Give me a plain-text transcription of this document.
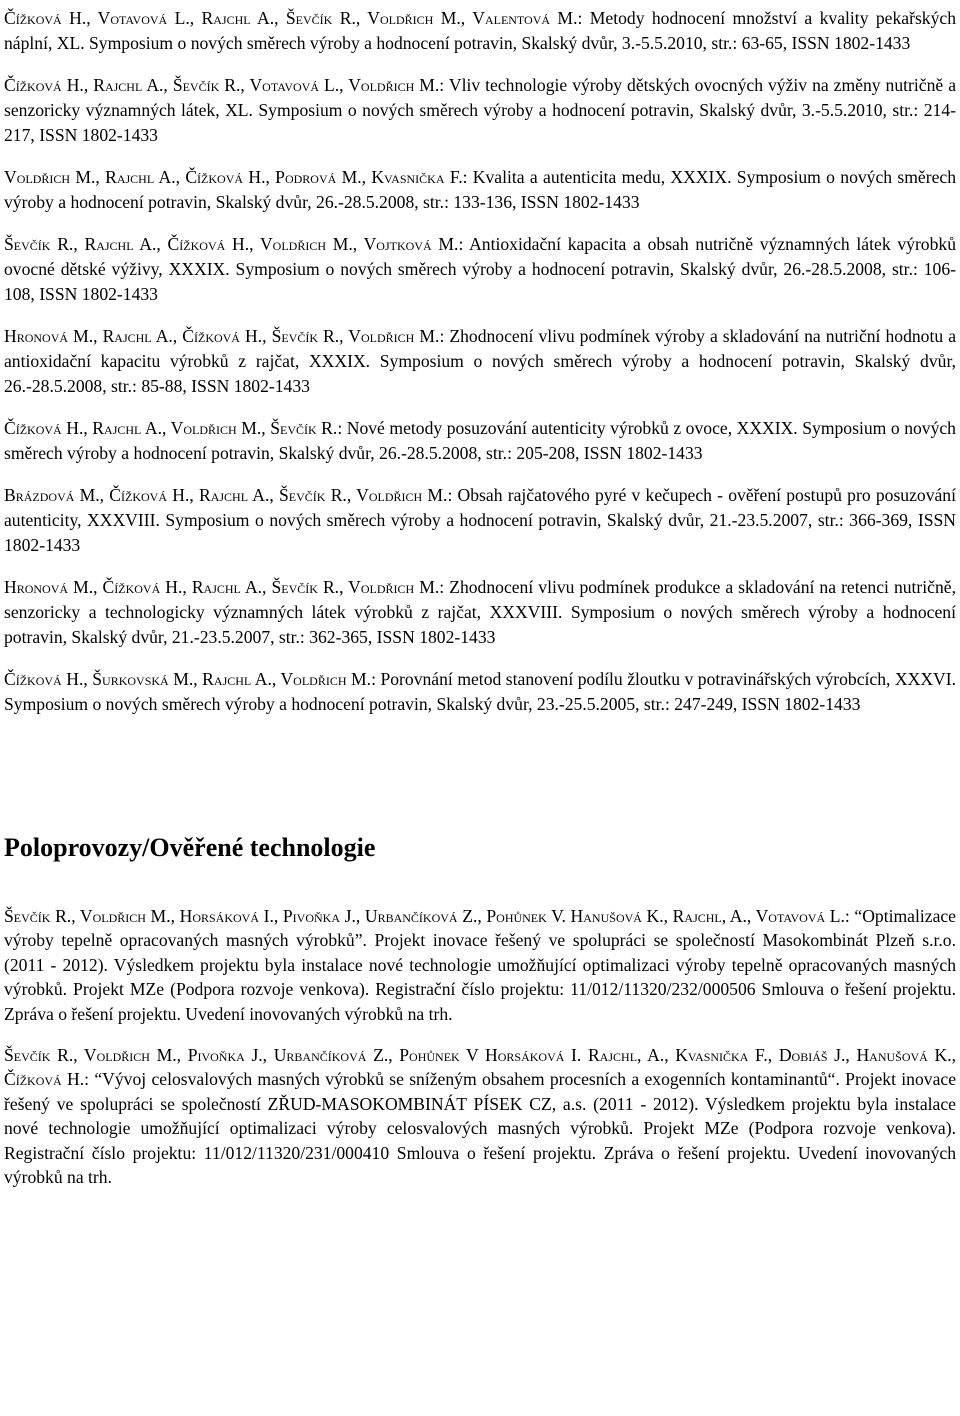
Čížková H., Votavová L., Rajchl A., Ševčík R., Voldřich M., Valentová M.: Metody hodnocení množství a kvality pekařských náplní, XL. Symposium o nových směrech výroby a hodnocení potravin, Skalský dvůr, 3.-5.5.2010, str.: 63-65, ISSN 1802-1433
Čížková H., Rajchl A., Ševčík R., Votavová L., Voldřich M.: Vliv technologie výroby dětských ovocných výživ na změny nutričně a senzoricky významných látek, XL. Symposium o nových směrech výroby a hodnocení potravin, Skalský dvůr, 3.-5.5.2010, str.: 214-217, ISSN 1802-1433
Voldřich M., Rajchl A., Čížková H., Podrová M., Kvasnička F.: Kvalita a autenticita medu, XXXIX. Symposium o nových směrech výroby a hodnocení potravin, Skalský dvůr, 26.-28.5.2008, str.: 133-136, ISSN 1802-1433
Ševčík R., Rajchl A., Čížková H., Voldřich M., Vojtková M.: Antioxidační kapacita a obsah nutričně významných látek výrobků ovocné dětské výživy, XXXIX. Symposium o nových směrech výroby a hodnocení potravin, Skalský dvůr, 26.-28.5.2008, str.: 106-108, ISSN 1802-1433
Hronová M., Rajchl A., Čížková H., Ševčík R., Voldřich M.: Zhodnocení vlivu podmínek výroby a skladování na nutriční hodnotu a antioxidační kapacitu výrobků z rajčat, XXXIX. Symposium o nových směrech výroby a hodnocení potravin, Skalský dvůr, 26.-28.5.2008, str.: 85-88, ISSN 1802-1433
Čížková H., Rajchl A., Voldřich M., Ševčík R.: Nové metody posuzování autenticity výrobků z ovoce, XXXIX. Symposium o nových směrech výroby a hodnocení potravin, Skalský dvůr, 26.-28.5.2008, str.: 205-208, ISSN 1802-1433
Brázdová M., Čížková H., Rajchl A., Ševčík R., Voldřich M.: Obsah rajčatového pyré v kečupech - ověření postupů pro posuzování autenticity, XXXVIII. Symposium o nových směrech výroby a hodnocení potravin, Skalský dvůr, 21.-23.5.2007, str.: 366-369, ISSN 1802-1433
Hronová M., Čížková H., Rajchl A., Ševčík R., Voldřich M.: Zhodnocení vlivu podmínek produkce a skladování na retenci nutričně, senzoricky a technologicky významných látek výrobků z rajčat, XXXVIII. Symposium o nových směrech výroby a hodnocení potravin, Skalský dvůr, 21.-23.5.2007, str.: 362-365, ISSN 1802-1433
Čížková H., Šurkovská M., Rajchl A., Voldřich M.: Porovnání metod stanovení podílu žloutku v potravinářských výrobcích, XXXVI. Symposium o nových směrech výroby a hodnocení potravin, Skalský dvůr, 23.-25.5.2005, str.: 247-249, ISSN 1802-1433
Poloprovozy/Ověřené technologie
Ševčík R., Voldřich M., Horsáková I., Pivoňka J., Urbančíková Z., Pohůnek V. Hanušová K., Rajchl, A., Votavová L.: “Optimalizace výroby tepelně opracovaných masných výrobků”. Projekt inovace řešený ve spolupráci se společností Masokombinát Plzeň s.r.o. (2011 - 2012). Výsledkem projektu byla instalace nové technologie umožňující optimalizaci výroby tepelně opracovaných masných výrobků. Projekt MZe (Podpora rozvoje venkova). Registrační číslo projektu: 11/012/11320/232/000506 Smlouva o řešení projektu. Zpráva o řešení projektu. Uvedení inovovaných výrobků na trh.
Ševčík R., Voldřich M., Pivoňka J., Urbančíková Z., Pohůnek V Horsáková I. Rajchl, A., Kvasnička F., Dobiáš J., Hanušová K., Čížková H.: “Vývoj celosvalových masných výrobků se sníženým obsahem procesních a exogenních kontaminantů“. Projekt inovace řešený ve spolupráci se společností ZŘUD-MASOKOMBINÁT PÍSEK CZ, a.s. (2011 - 2012). Výsledkem projektu byla instalace nové technologie umožňující optimalizaci výroby celosvalových masných výrobků. Projekt MZe (Podpora rozvoje venkova). Registrační číslo projektu: 11/012/11320/231/000410 Smlouva o řešení projektu. Zpráva o řešení projektu. Uvedení inovovaných výrobků na trh.
